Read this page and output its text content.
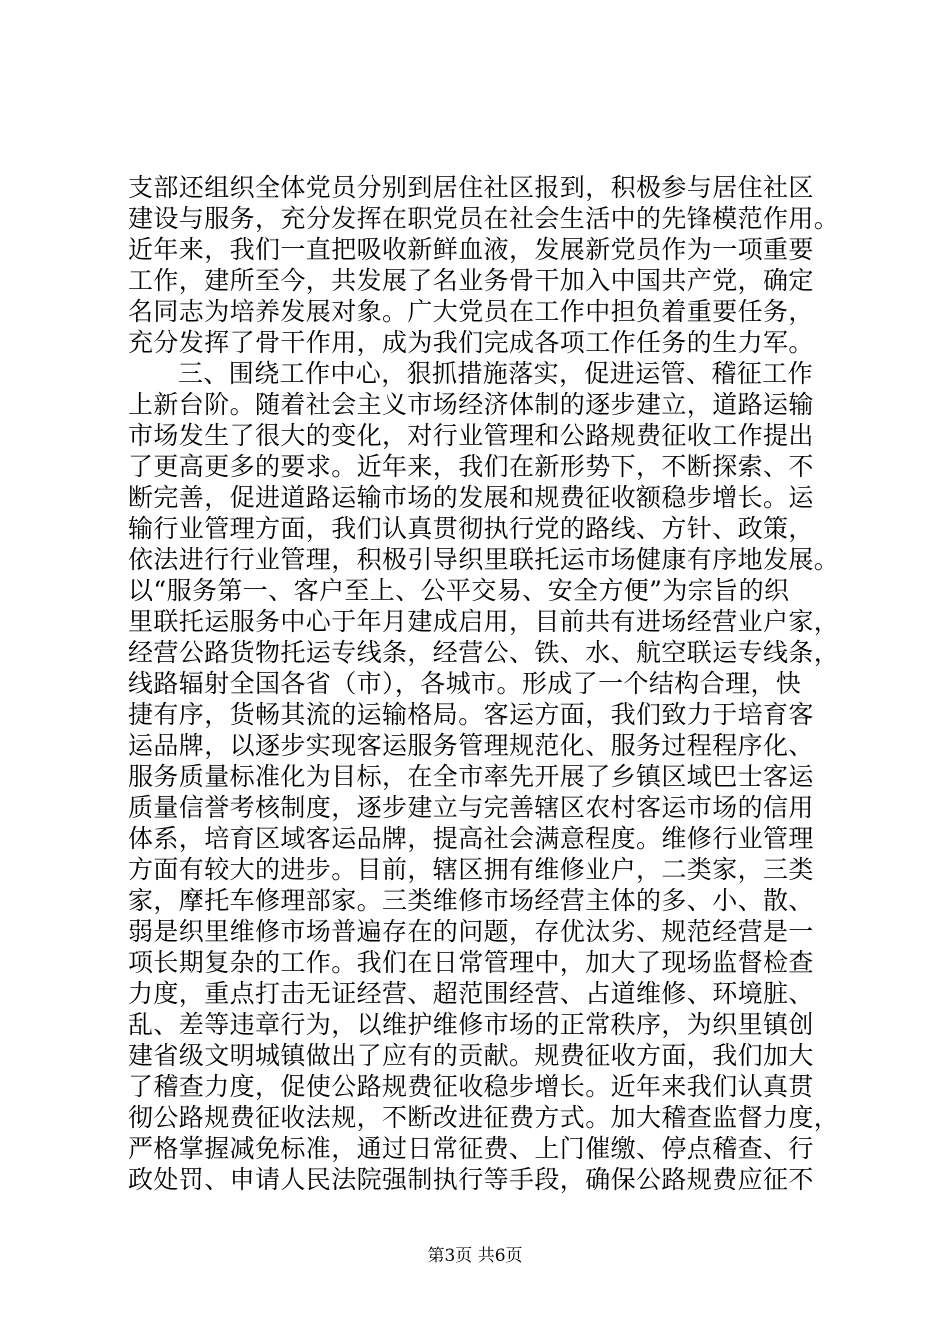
支部还组织全体党员分别到居住社区报到，积极参与居住社区
建设与服务，充分发挥在职党员在社会生活中的先锋模范作用。
近年来，我们一直把吸收新鲜血液，发展新党员作为一项重要
工作，建所至今，共发展了名业务骨干加入中国共产党，确定
名同志为培养发展对象。广大党员在工作中担负着重要任务，
充分发挥了骨干作用，成为我们完成各项工作任务的生力军。
三、围绕工作中心，狠抓措施落实，促进运管、稽征工作
上新台阶。随着社会主义市场经济体制的逐步建立，道路运输
市场发生了很大的变化，对行业管理和公路规费征收工作提出
了更高更多的要求。近年来，我们在新形势下，不断探索、不
断完善，促进道路运输市场的发展和规费征收额稳步增长。运
输行业管理方面，我们认真贯彻执行党的路线、方针、政策，
依法进行行业管理，积极引导织里联托运市场健康有序地发展。
以“服务第一、客户至上、公平交易、安全方便”为宗旨的织
里联托运服务中心于年月建成启用，目前共有进场经营业户家，
经营公路货物托运专线条，经营公、铁、水、航空联运专线条，
线路辐射全国各省（市），各城市。形成了一个结构合理，快
捷有序，货畅其流的运输格局。客运方面，我们致力于培育客
运品牌，以逐步实现客运服务管理规范化、服务过程程序化、
服务质量标准化为目标，在全市率先开展了乡镇区域巴士客运
质量信誉考核制度，逐步建立与完善辖区农村客运市场的信用
体系，培育区域客运品牌，提高社会满意程度。维修行业管理
方面有较大的进步。目前，辖区拥有维修业户，二类家，三类
家，摩托车修理部家。三类维修市场经营主体的多、小、散、
弱是织里维修市场普遍存在的问题，存优汰劣、规范经营是一
项长期复杂的工作。我们在日常管理中，加大了现场监督检查
力度，重点打击无证经营、超范围经营、占道维修、环境脏、
乱、差等违章行为，以维护维修市场的正常秩序，为织里镇创
建省级文明城镇做出了应有的贡献。规费征收方面，我们加大
了稽查力度，促使公路规费征收稳步增长。近年来我们认真贯
彻公路规费征收法规，不断改进征费方式。加大稽查监督力度，
严格掌握减免标准，通过日常征费、上门催缴、停点稽查、行
政处罚、申请人民法院强制执行等手段，确保公路规费应征不
第3页 共6页
